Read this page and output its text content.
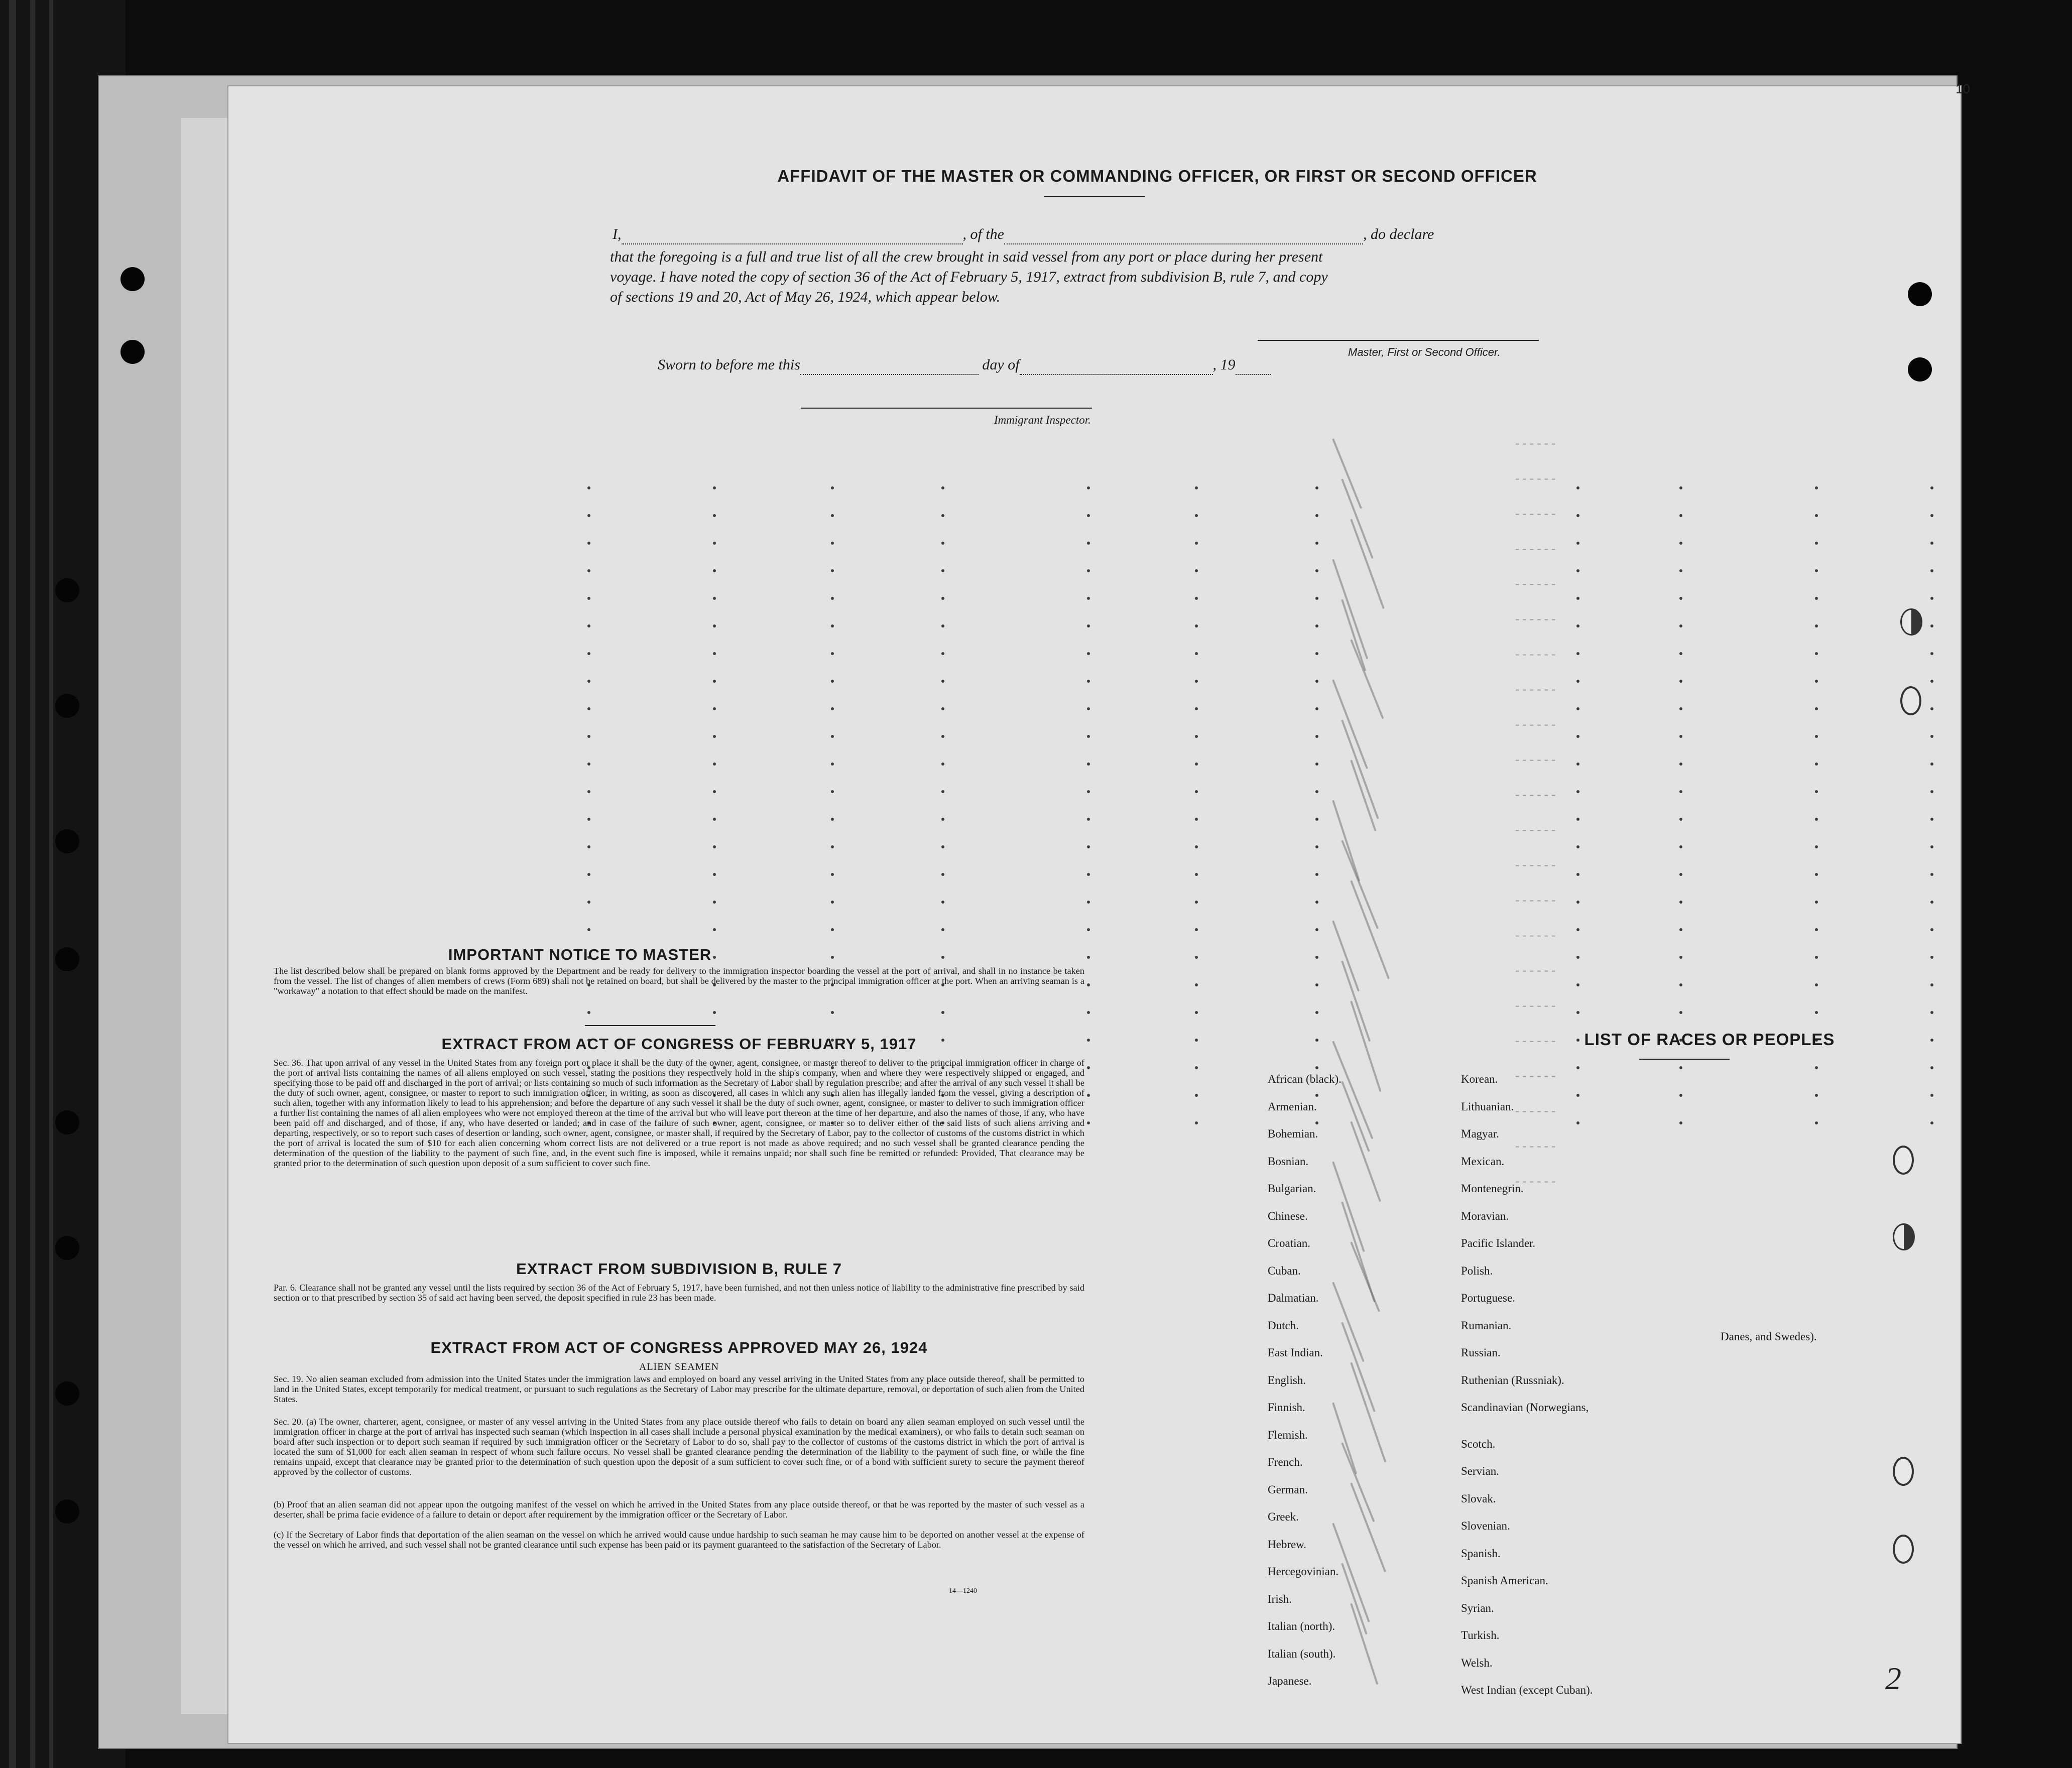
10
AFFIDAVIT OF THE MASTER OR COMMANDING OFFICER, OR FIRST OR SECOND OFFICER
I,	, of the	, do declare
that the foregoing is a full and true list of all the crew brought in said vessel from any port or place during her present
voyage. I have noted the copy of section 36 of the Act of February 5, 1917, extract from subdivision B, rule 7, and copy
of sections 19 and 20, Act of May 26, 1924, which appear below.
Master, First or Second Officer.
Sworn to before me this	day of	, 19
Immigrant Inspector.
------
------
------
------
------
------
------
------
------
------
------
------
------
------
------
------
------
------
------
------
------
------
IMPORTANT NOTICE TO MASTER
The list described below shall be prepared on blank forms approved by the Department and be ready for delivery to the immigration inspector boarding the vessel at the port of arrival, and shall in no instance be taken from the vessel. The list of changes of alien members of crews (Form 689) shall not be retained on board, but shall be delivered by the master to the principal immigration officer at the port. When an arriving seaman is a "workaway" a notation to that effect should be made on the manifest.
EXTRACT FROM ACT OF CONGRESS OF FEBRUARY 5, 1917
Sec. 36. That upon arrival of any vessel in the United States from any foreign port or place it shall be the duty of the owner, agent, consignee, or master thereof to deliver to the principal immigration officer in charge of the port of arrival lists containing the names of all aliens employed on such vessel, stating the positions they respectively hold in the ship's company, when and where they were respectively shipped or engaged, and specifying those to be paid off and discharged in the port of arrival; or lists containing so much of such information as the Secretary of Labor shall by regulation prescribe; and after the arrival of any such vessel it shall be the duty of such owner, agent, consignee, or master to report to such immigration officer, in writing, as soon as discovered, all cases in which any such alien has illegally landed from the vessel, giving a description of such alien, together with any information likely to lead to his apprehension; and before the departure of any such vessel it shall be the duty of such owner, agent, consignee, or master to deliver to such immigration officer a further list containing the names of all alien employees who were not employed thereon at the time of the arrival but who will leave port thereon at the time of her departure, and also the names of those, if any, who have been paid off and discharged, and of those, if any, who have deserted or landed; and in case of the failure of such owner, agent, consignee, or master so to deliver either of the said lists of such aliens arriving and departing, respectively, or so to report such cases of desertion or landing, such owner, agent, consignee, or master shall, if required by the Secretary of Labor, pay to the collector of customs of the customs district in which the port of arrival is located the sum of $10 for each alien concerning whom correct lists are not delivered or a true report is not made as above required; and no such vessel shall be granted clearance pending the determination of the question of the liability to the payment of such fine, and, in the event such fine is imposed, while it remains unpaid; nor shall such fine be remitted or refunded: Provided, That clearance may be granted prior to the determination of such question upon deposit of a sum sufficient to cover such fine.
EXTRACT FROM SUBDIVISION B, RULE 7
Par. 6. Clearance shall not be granted any vessel until the lists required by section 36 of the Act of February 5, 1917, have been furnished, and not then unless notice of liability to the administrative fine prescribed by said section or to that prescribed by section 35 of said act having been served, the deposit specified in rule 23 has been made.
EXTRACT FROM ACT OF CONGRESS APPROVED MAY 26, 1924
ALIEN SEAMEN
Sec. 19. No alien seaman excluded from admission into the United States under the immigration laws and employed on board any vessel arriving in the United States from any place outside thereof, shall be permitted to land in the United States, except temporarily for medical treatment, or pursuant to such regulations as the Secretary of Labor may prescribe for the ultimate departure, removal, or deportation of such alien from the United States.
Sec. 20. (a) The owner, charterer, agent, consignee, or master of any vessel arriving in the United States from any place outside thereof who fails to detain on board any alien seaman employed on such vessel until the immigration officer in charge at the port of arrival has inspected such seaman (which inspection in all cases shall include a personal physical examination by the medical examiners), or who fails to detain such seaman on board after such inspection or to deport such seaman if required by such immigration officer or the Secretary of Labor to do so, shall pay to the collector of customs of the customs district in which the port of arrival is located the sum of $1,000 for each alien seaman in respect of whom such failure occurs. No vessel shall be granted clearance pending the determination of the liability to the payment of such fine, or while the fine remains unpaid, except that clearance may be granted prior to the determination of such question upon the deposit of a sum sufficient to cover such fine, or of a bond with sufficient surety to secure the payment thereof approved by the collector of customs.
(b) Proof that an alien seaman did not appear upon the outgoing manifest of the vessel on which he arrived in the United States from any place outside thereof, or that he was reported by the master of such vessel as a deserter, shall be prima facie evidence of a failure to detain or deport after requirement by the immigration officer or the Secretary of Labor.
(c) If the Secretary of Labor finds that deportation of the alien seaman on the vessel on which he arrived would cause undue hardship to such seaman he may cause him to be deported on another vessel at the expense of the vessel on which he arrived, and such vessel shall not be granted clearance until such expense has been paid or its payment guaranteed to the satisfaction of the Secretary of Labor.
14—1240
LIST OF RACES OR PEOPLES
African (black).
Armenian.
Bohemian.
Bosnian.
Bulgarian.
Chinese.
Croatian.
Cuban.
Dalmatian.
Dutch.
East Indian.
English.
Finnish.
Flemish.
French.
German.
Greek.
Hebrew.
Hercegovinian.
Irish.
Italian (north).
Italian (south).
Japanese.
Korean.
Lithuanian.
Magyar.
Mexican.
Montenegrin.
Moravian.
Pacific Islander.
Polish.
Portuguese.
Rumanian.
Russian.
Ruthenian (Russniak).
Scandinavian (Norwegians,
Scotch.
Servian.
Slovak.
Slovenian.
Spanish.
Spanish American.
Syrian.
Turkish.
Welsh.
West Indian (except Cuban).
Danes, and Swedes).
2
